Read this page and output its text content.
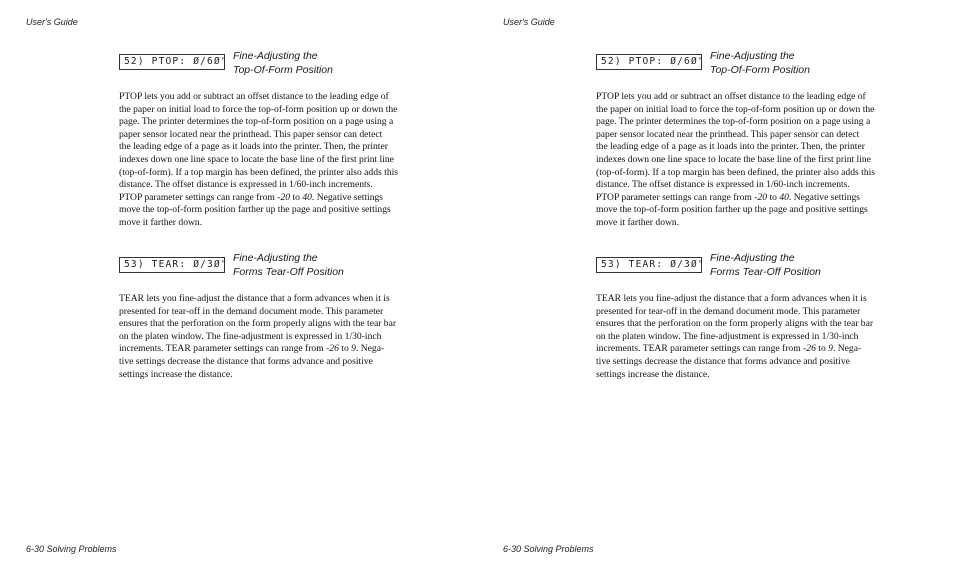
User's Guide
52) PTOP: Ø/6Ø" Fine-Adjusting the
Top-Of-Form Position
PTOP lets you add or subtract an offset distance to the leading edge of
the paper on initial load to force the top-of-form position up or down the
page. The printer determines the top-of-form position on a page using a
paper sensor located near the printhead. This paper sensor can detect
the leading edge of a page as it loads into the printer. Then, the printer
indexes down one line space to locate the base line of the first print line
(top-of-form). If a top margin has been defined, the printer also adds this
distance. The offset distance is expressed in 1/60-inch increments.
PTOP parameter settings can range from -20 to 40. Negative settings
move the top-of-form position farther up the page and positive settings
move it farther down.
53) TEAR: Ø/3Ø"
Fine-Adjusting the
Forms Tear-Off Position
TEAR lets you fine-adjust the distance that a form advances when it is
presented for tear-off in the demand document mode. This parameter
ensures that the perforation on the form properly aligns with the tear bar
on the platen window. The fine-adjustment is expressed in 1/30-inch
increments. TEAR parameter settings can range from -26 to 9. Nega-
tive settings decrease the distance that forms advance and positive
settings increase the distance.
6-30 Solving Problems
User's Guide
52) PTOP: Ø/6Ø" Fine-Adjusting the
Top-Of-Form Position
PTOP lets you add or subtract an offset distance to the leading edge of
the paper on initial load to force the top-of-form position up or down the
page. The printer determines the top-of-form position on a page using a
paper sensor located near the printhead. This paper sensor can detect
the leading edge of a page as it loads into the printer. Then, the printer
indexes down one line space to locate the base line of the first print line
(top-of-form). If a top margin has been defined, the printer also adds this
distance. The offset distance is expressed in 1/60-inch increments.
PTOP parameter settings can range from -20 to 40. Negative settings
move the top-of-form position farther up the page and positive settings
move it farther down.
53) TEAR: Ø/3Ø"
Fine-Adjusting the
Forms Tear-Off Position
TEAR lets you fine-adjust the distance that a form advances when it is
presented for tear-off in the demand document mode. This parameter
ensures that the perforation on the form properly aligns with the tear bar
on the platen window. The fine-adjustment is expressed in 1/30-inch
increments. TEAR parameter settings can range from -26 to 9. Nega-
tive settings decrease the distance that forms advance and positive
settings increase the distance.
6-30 Solving Problems
